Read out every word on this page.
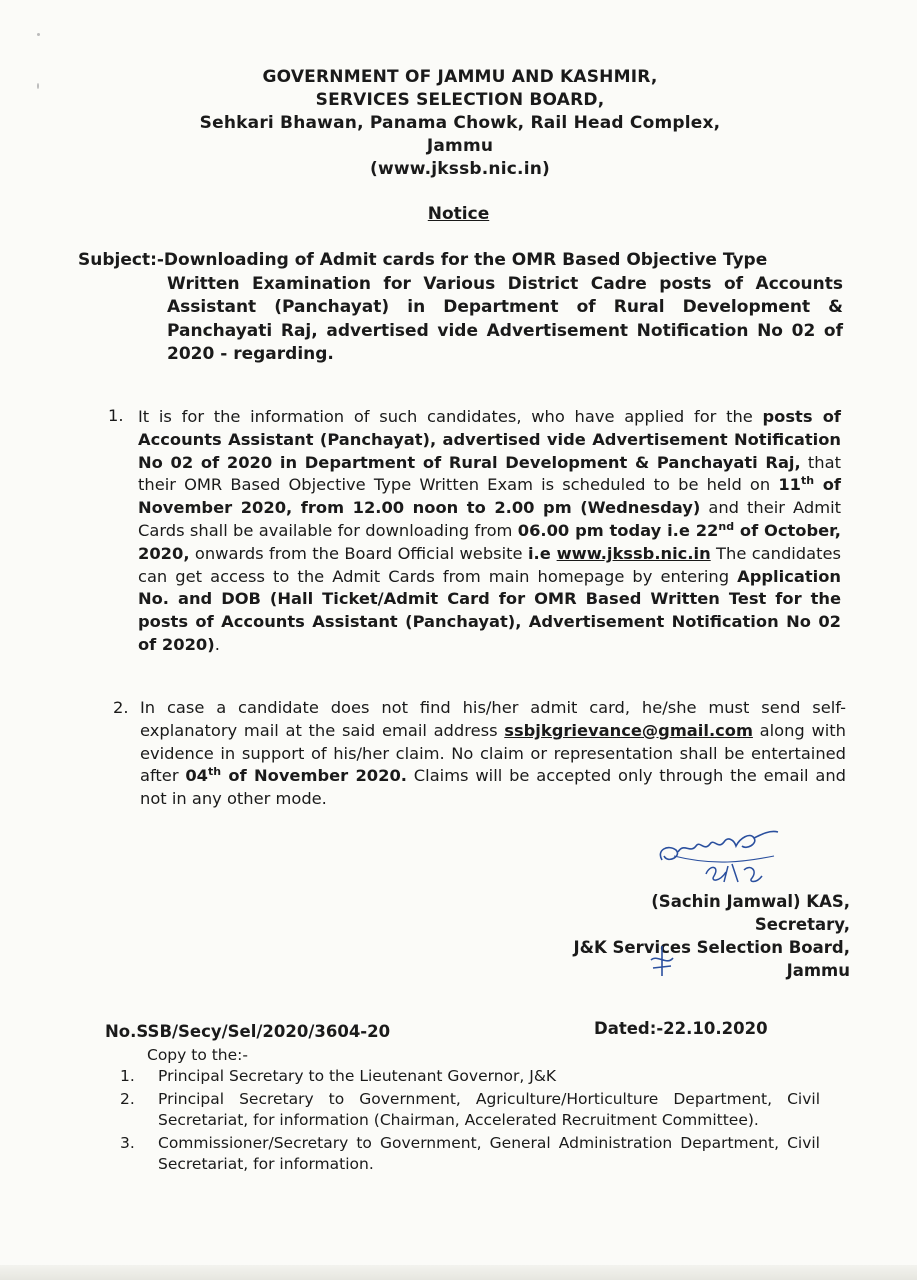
GOVERNMENT OF JAMMU AND KASHMIR,
SERVICES SELECTION BOARD,
Sehkari Bhawan, Panama Chowk, Rail Head Complex,
Jammu
(www.jkssb.nic.in)
Notice
Subject:-Downloading of Admit cards for the OMR Based Objective Type
Written Examination for Various District Cadre posts of Accounts Assistant (Panchayat) in Department of Rural Development & Panchayati Raj, advertised vide Advertisement Notification No 02 of 2020 - regarding.
1. It is for the information of such candidates, who have applied for the posts of Accounts Assistant (Panchayat), advertised vide Advertisement Notification No 02 of 2020 in Department of Rural Development & Panchayati Raj, that their OMR Based Objective Type Written Exam is scheduled to be held on 11th of November 2020, from 12.00 noon to 2.00 pm (Wednesday) and their Admit Cards shall be available for downloading from 06.00 pm today i.e 22nd of October, 2020, onwards from the Board Official website i.e www.jkssb.nic.in The candidates can get access to the Admit Cards from main homepage by entering Application No. and DOB (Hall Ticket/Admit Card for OMR Based Written Test for the posts of Accounts Assistant (Panchayat), Advertisement Notification No 02 of 2020).
2. In case a candidate does not find his/her admit card, he/she must send self-explanatory mail at the said email address ssbjkgrievance@gmail.com along with evidence in support of his/her claim. No claim or representation shall be entertained after 04th of November 2020. Claims will be accepted only through the email and not in any other mode.
(Sachin Jamwal) KAS,
Secretary,
J&K Services Selection Board,
Jammu
No.SSB/Secy/Sel/2020/3604-20	Dated:-22.10.2020
Copy to the:-
1. Principal Secretary to the Lieutenant Governor, J&K
2. Principal Secretary to Government, Agriculture/Horticulture Department, Civil Secretariat, for information (Chairman, Accelerated Recruitment Committee).
3. Commissioner/Secretary to Government, General Administration Department, Civil Secretariat, for information.
